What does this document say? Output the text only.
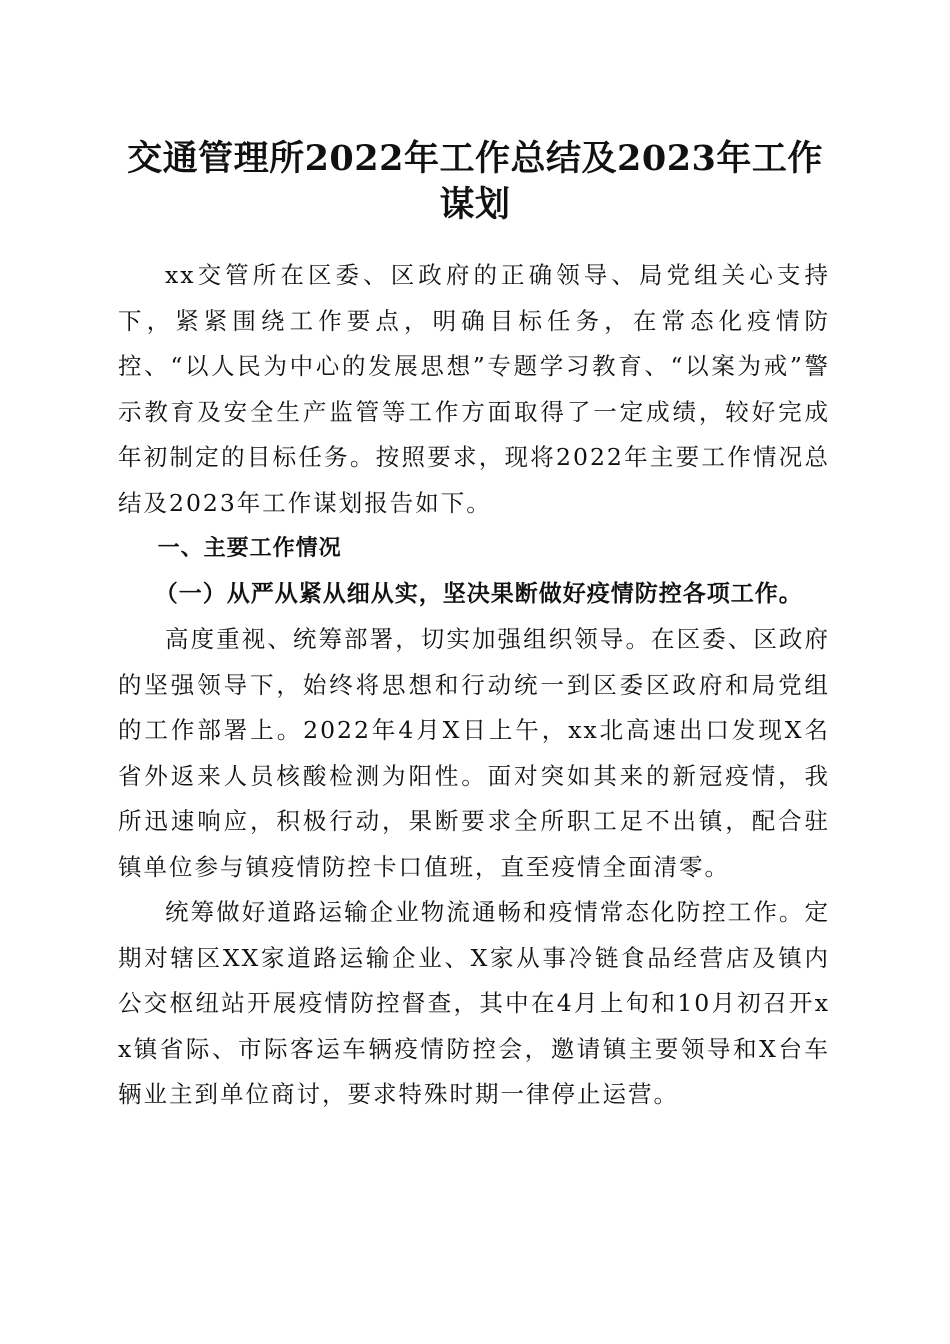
交通管理所2022年工作总结及2023年工作谋划

xx交管所在区委、区政府的正确领导、局党组关心支持下，紧紧围绕工作要点，明确目标任务，在常态化疫情防控、“以人民为中心的发展思想”专题学习教育、“以案为戒”警示教育及安全生产监管等工作方面取得了一定成绩，较好完成年初制定的目标任务。按照要求，现将2022年主要工作情况总结及2023年工作谋划报告如下。

一、主要工作情况

（一）从严从紧从细从实，坚决果断做好疫情防控各项工作。

高度重视、统筹部署，切实加强组织领导。在区委、区政府的坚强领导下，始终将思想和行动统一到区委区政府和局党组的工作部署上。2022年4月X日上午，xx北高速出口发现X名省外返来人员核酸检测为阳性。面对突如其来的新冠疫情，我所迅速响应，积极行动，果断要求全所职工足不出镇，配合驻镇单位参与镇疫情防控卡口值班，直至疫情全面清零。

统筹做好道路运输企业物流通畅和疫情常态化防控工作。定期对辖区XX家道路运输企业、X家从事冷链食品经营店及镇内公交枢纽站开展疫情防控督查，其中在4月上旬和10月初召开xx镇省际、市际客运车辆疫情防控会，邀请镇主要领导和X台车辆业主到单位商讨，要求特殊时期一律停止运营。
